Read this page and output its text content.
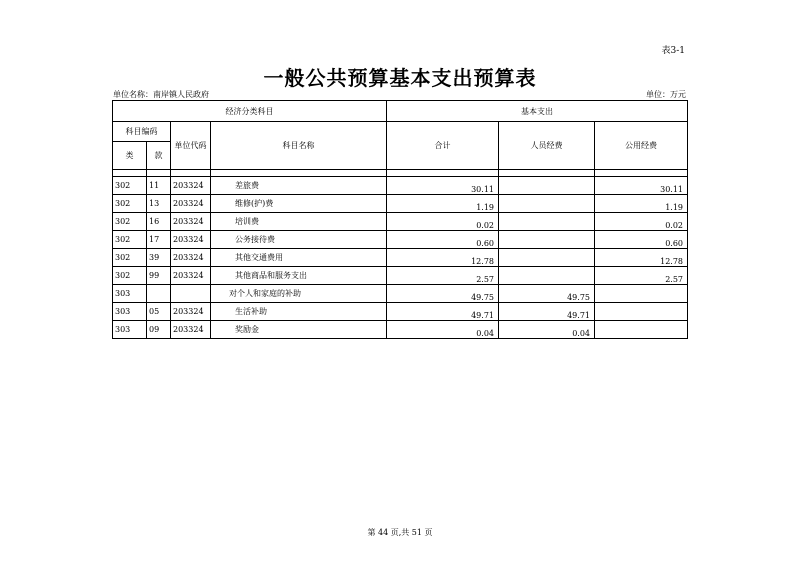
表3-1
一般公共预算基本支出预算表
单位名称：南岸镇人民政府	单位：万元
经济分类科目				基本支出		
科目编码		单位代码	科目名称	合计	人员经费	公用经费
类	款					

302	11	203324	差旅费	30.11		30.11
302	13	203324	维修(护)费	1.19		1.19
302	16	203324	培训费	0.02		0.02
302	17	203324	公务接待费	0.60		0.60
302	39	203324	其他交通费用	12.78		12.78
302	99	203324	其他商品和服务支出	2.57		2.57
303			对个人和家庭的补助	49.75	49.75	
303	05	203324	生活补助	49.71	49.71	
303	09	203324	奖励金	0.04	0.04	
第 44 页,共 51 页
